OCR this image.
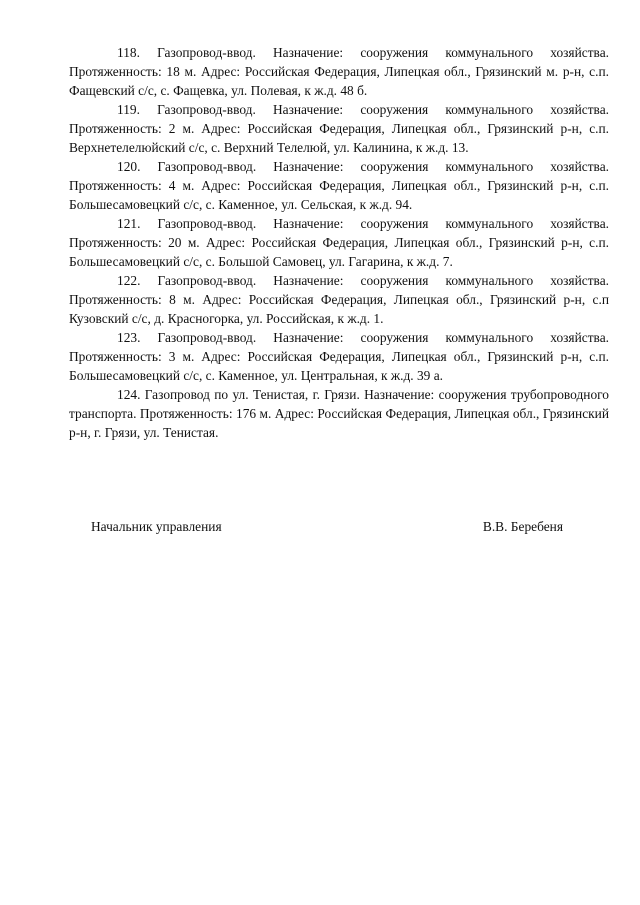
118. Газопровод-ввод. Назначение: сооружения коммунального хозяйства. Протяженность: 18 м. Адрес: Российская Федерация, Липецкая обл., Грязинский м. р-н, с.п. Фащевский с/с, с. Фащевка, ул. Полевая, к ж.д. 48 б.

119. Газопровод-ввод. Назначение: сооружения коммунального хозяйства. Протяженность: 2 м. Адрес: Российская Федерация, Липецкая обл., Грязинский р-н, с.п. Верхнетелелюйский с/с, с. Верхний Телелюй, ул. Калинина, к ж.д. 13.

120. Газопровод-ввод. Назначение: сооружения коммунального хозяйства. Протяженность: 4 м. Адрес: Российская Федерация, Липецкая обл., Грязинский р-н, с.п. Большесамовецкий с/с, с. Каменное, ул. Сельская, к ж.д. 94.

121. Газопровод-ввод. Назначение: сооружения коммунального хозяйства. Протяженность: 20 м. Адрес: Российская Федерация, Липецкая обл., Грязинский р-н, с.п. Большесамовецкий с/с, с. Большой Самовец, ул. Гагарина, к ж.д. 7.

122. Газопровод-ввод. Назначение: сооружения коммунального хозяйства. Протяженность: 8 м. Адрес: Российская Федерация, Липецкая обл., Грязинский р-н, с.п Кузовский с/с, д. Красногорка, ул. Российская, к ж.д. 1.

123. Газопровод-ввод. Назначение: сооружения коммунального хозяйства. Протяженность: 3 м. Адрес: Российская Федерация, Липецкая обл., Грязинский р-н, с.п. Большесамовецкий с/с, с. Каменное, ул. Центральная, к ж.д. 39 а.

124. Газопровод по ул. Тенистая, г. Грязи. Назначение: сооружения трубопроводного транспорта. Протяженность: 176 м. Адрес: Российская Федерация, Липецкая обл., Грязинский р-н, г. Грязи, ул. Тенистая.

Начальник управления	В.В. Беребеня
